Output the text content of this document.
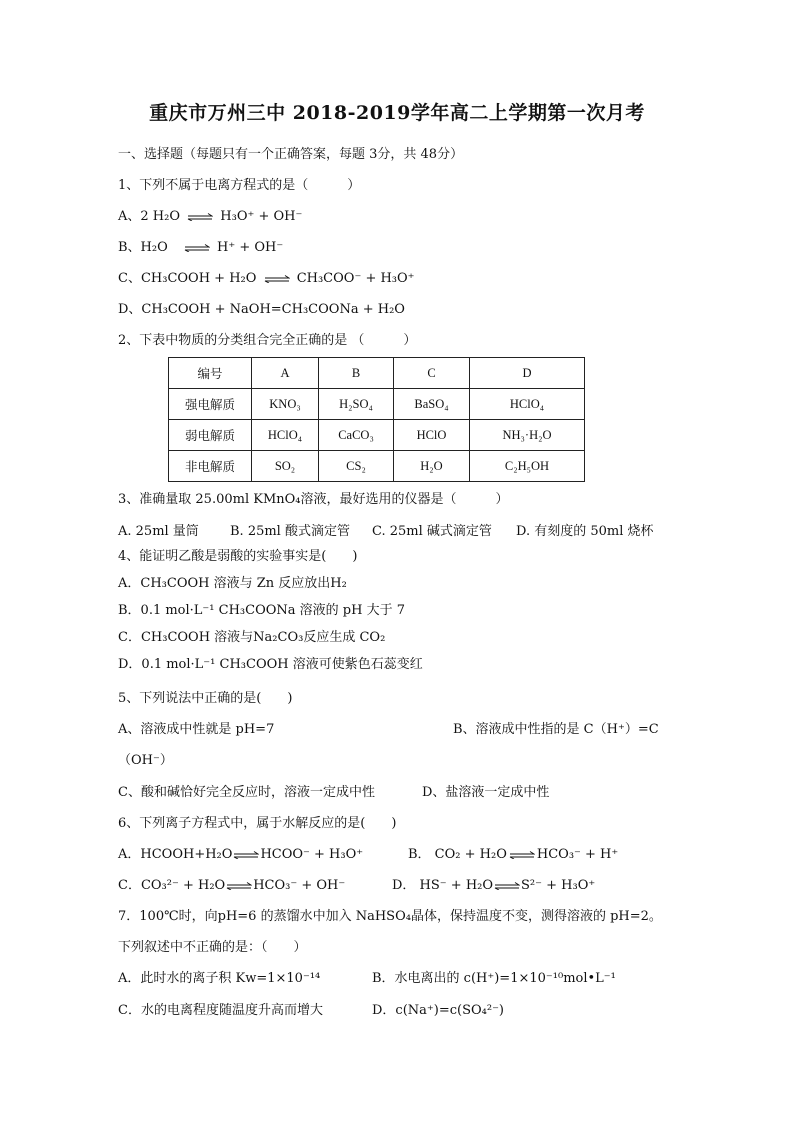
重庆市万州三中 2018-2019学年高二上学期第一次月考
一、选择题（每题只有一个正确答案，每题 3分，共 48分）
1、下列不属于电离方程式的是（　　　）
A、2 H₂O ⇌ H₃O⁺ + OH⁻
B、H₂O ⇌ H⁺ + OH⁻
C、CH₃COOH + H₂O ⇌ CH₃COO⁻ + H₃O⁺
D、CH₃COOH + NaOH=CH₃COONa + H₂O
2、下表中物质的分类组合完全正确的是 （　　　）
编号	A	B	C	D
强电解质	KNO₃	H₂SO₄	BaSO₄	HClO₄
弱电解质	HClO₄	CaCO₃	HClO	NH₃·H₂O
非电解质	SO₂	CS₂	H₂O	C₂H₅OH
3、准确量取 25.00ml KMnO₄溶液，最好选用的仪器是（　　　）
A. 25ml 量筒 B. 25ml 酸式滴定管 C. 25ml 碱式滴定管 D. 有刻度的 50ml 烧杯
4、能证明乙酸是弱酸的实验事实是(　　)
A．CH₃COOH 溶液与 Zn 反应放出H₂
B．0.1 mol·L⁻¹ CH₃COONa 溶液的 pH 大于 7
C．CH₃COOH 溶液与Na₂CO₃反应生成 CO₂
D．0.1 mol·L⁻¹ CH₃COOH 溶液可使紫色石蕊变红
5、下列说法中正确的是(　　)
A、溶液成中性就是 pH=7	B、溶液成中性指的是 C（H⁺）=C
（OH⁻）
C、酸和碱恰好完全反应时，溶液一定成中性	D、盐溶液一定成中性
6、下列离子方程式中，属于水解反应的是(　　)
A．HCOOH+H₂O⇌HCOO⁻ + H₃O⁺	B． CO₂ + H₂O ⇌ HCO₃⁻ + H⁺
C．CO₃²⁻ + H₂O⇌HCO₃⁻ + OH⁻	D． HS⁻ + H₂O⇌S²⁻ + H₃O⁺
7．100℃时，向pH=6 的蒸馏水中加入 NaHSO₄晶体，保持温度不变，测得溶液的 pH=2。
下列叙述中不正确的是：（　　）
A．此时水的离子积 Kw=1×10⁻¹⁴	B．水电离出的 c(H⁺)=1×10⁻¹⁰mol•L⁻¹
C．水的电离程度随温度升高而增大	D．c(Na⁺)=c(SO₄²⁻)
